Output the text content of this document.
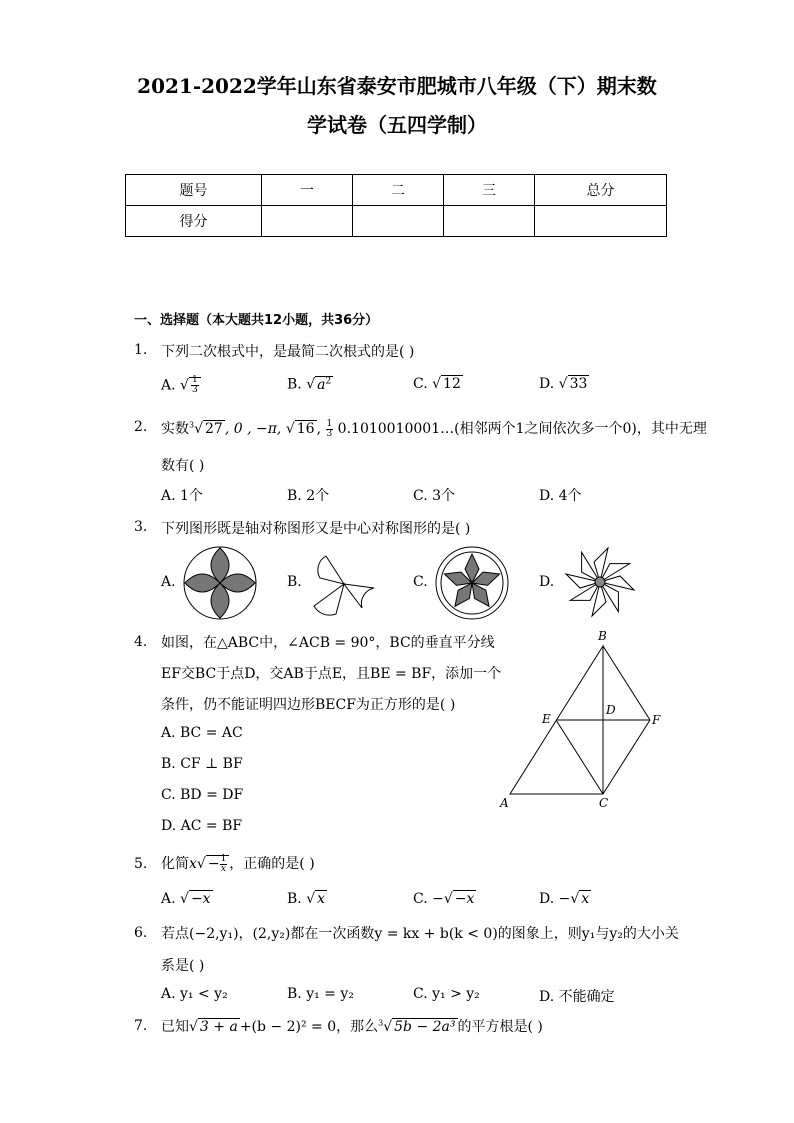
2021-2022学年山东省泰安市肥城市八年级（下）期末数
学试卷（五四学制）
题号	一	二	三	总分
得分				
一、选择题（本大题共12小题，共36分）
1. 下列二次根式中，是最简二次根式的是( )
A. √ $\frac{1}{3}$	B. √ $a^2$	C. √ 12	D. √ 33
2. 实数$^3$√ 27 , 0 , −π, √ 16 , $\frac{1}{3}$ 0.1010010001…(相邻两个1之间依次多一个0)，其中无理
数有( )
A. 1个	B. 2个	C. 3个	D. 4个
3. 下列图形既是轴对称图形又是中心对称图形的是( )
A.	B.	C.	D.
4. 如图，在△ABC中，∠ACB = 90°，BC的垂直平分线
EF交BC于点D，交AB于点E，且BE = BF，添加一个
条件，仍不能证明四边形BECF为正方形的是( )
A. BC = AC
B. CF ⊥ BF
C. BD = DF
D. AC = BF
B
D
E	F
A	C
5. 化简$x√ - \frac{1}{x}$ ，正确的是( )
A. √ −x	B. √ x	C. −√ −x	D. −√ x
6. 若点(−2,y₁)，(2,y₂)都在一次函数y = kx + b(k < 0)的图象上，则y₁与y₂的大小关
系是( )
A. y₁ < y₂	B. y₁ = y₂	C. y₁ > y₂	D. 不能确定
7. 已知√ 3 + a +(b − 2)² = 0，那么$^3$√ 5b − 2a³ 的平方根是( )
